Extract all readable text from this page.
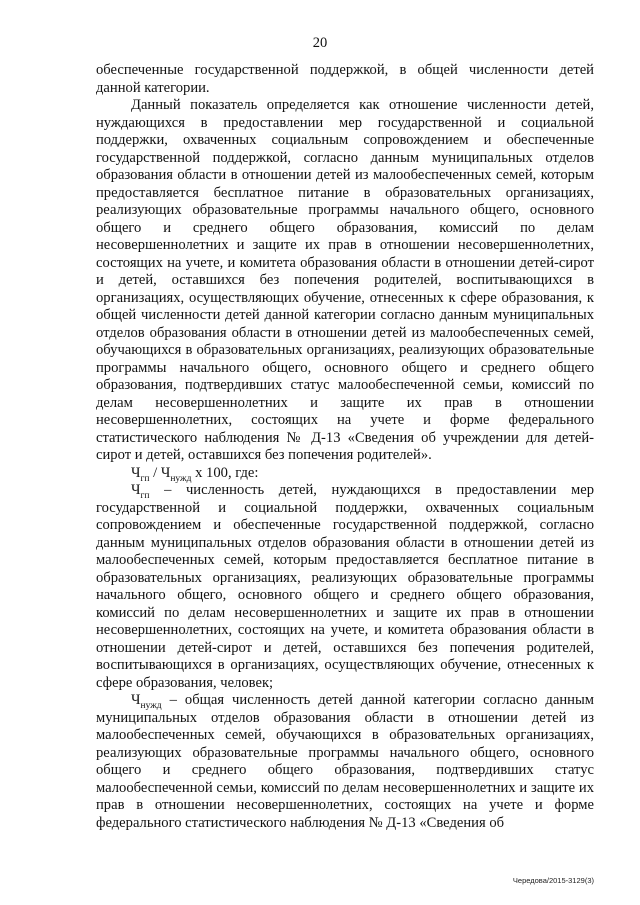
20

обеспеченные государственной поддержкой, в общей численности детей данной категории.

Данный показатель определяется как отношение численности детей, нуждающихся в предоставлении мер государственной и социальной поддержки, охваченных социальным сопровождением и обеспеченные государственной поддержкой, согласно данным муниципальных отделов образования области в отношении детей из малообеспеченных семей, которым предоставляется бесплатное питание в образовательных организациях, реализующих образовательные программы начального общего, основного общего и среднего общего образования, комиссий по делам несовершеннолетних и защите их прав в отношении несовершеннолетних, состоящих на учете, и комитета образования области в отношении детей-сирот и детей, оставшихся без попечения родителей, воспитывающихся в организациях, осуществляющих обучение, отнесенных к сфере образования, к общей численности детей данной категории согласно данным муниципальных отделов образования области в отношении детей из малообеспеченных семей, обучающихся в образовательных организациях, реализующих образовательные программы начального общего, основного общего и среднего общего образования, подтвердивших статус малообеспеченной семьи, комиссий по делам несовершеннолетних и защите их прав в отношении несовершеннолетних, состоящих на учете и форме федерального статистического наблюдения № Д-13 «Сведения об учреждении для детей-сирот и детей, оставшихся без попечения родителей».

$Ч_{гп} / Ч_{нужд}$ х 100, где:

$Ч_{гп}$ – численность детей, нуждающихся в предоставлении мер государственной и социальной поддержки, охваченных социальным сопровождением и обеспеченные государственной поддержкой, согласно данным муниципальных отделов образования области в отношении детей из малообеспеченных семей, которым предоставляется бесплатное питание в образовательных организациях, реализующих образовательные программы начального общего, основного общего и среднего общего образования, комиссий по делам несовершеннолетних и защите их прав в отношении несовершеннолетних, состоящих на учете, и комитета образования области в отношении детей-сирот и детей, оставшихся без попечения родителей, воспитывающихся в организациях, осуществляющих обучение, отнесенных к сфере образования, человек;

$Ч_{нужд}$ – общая численность детей данной категории согласно данным муниципальных отделов образования области в отношении детей из малообеспеченных семей, обучающихся в образовательных организациях, реализующих образовательные программы начального общего, основного общего и среднего общего образования, подтвердивших статус малообеспеченной семьи, комиссий по делам несовершеннолетних и защите их прав в отношении несовершеннолетних, состоящих на учете и форме федерального статистического наблюдения № Д-13 «Сведения об

Чередова/2015-3129(3)
